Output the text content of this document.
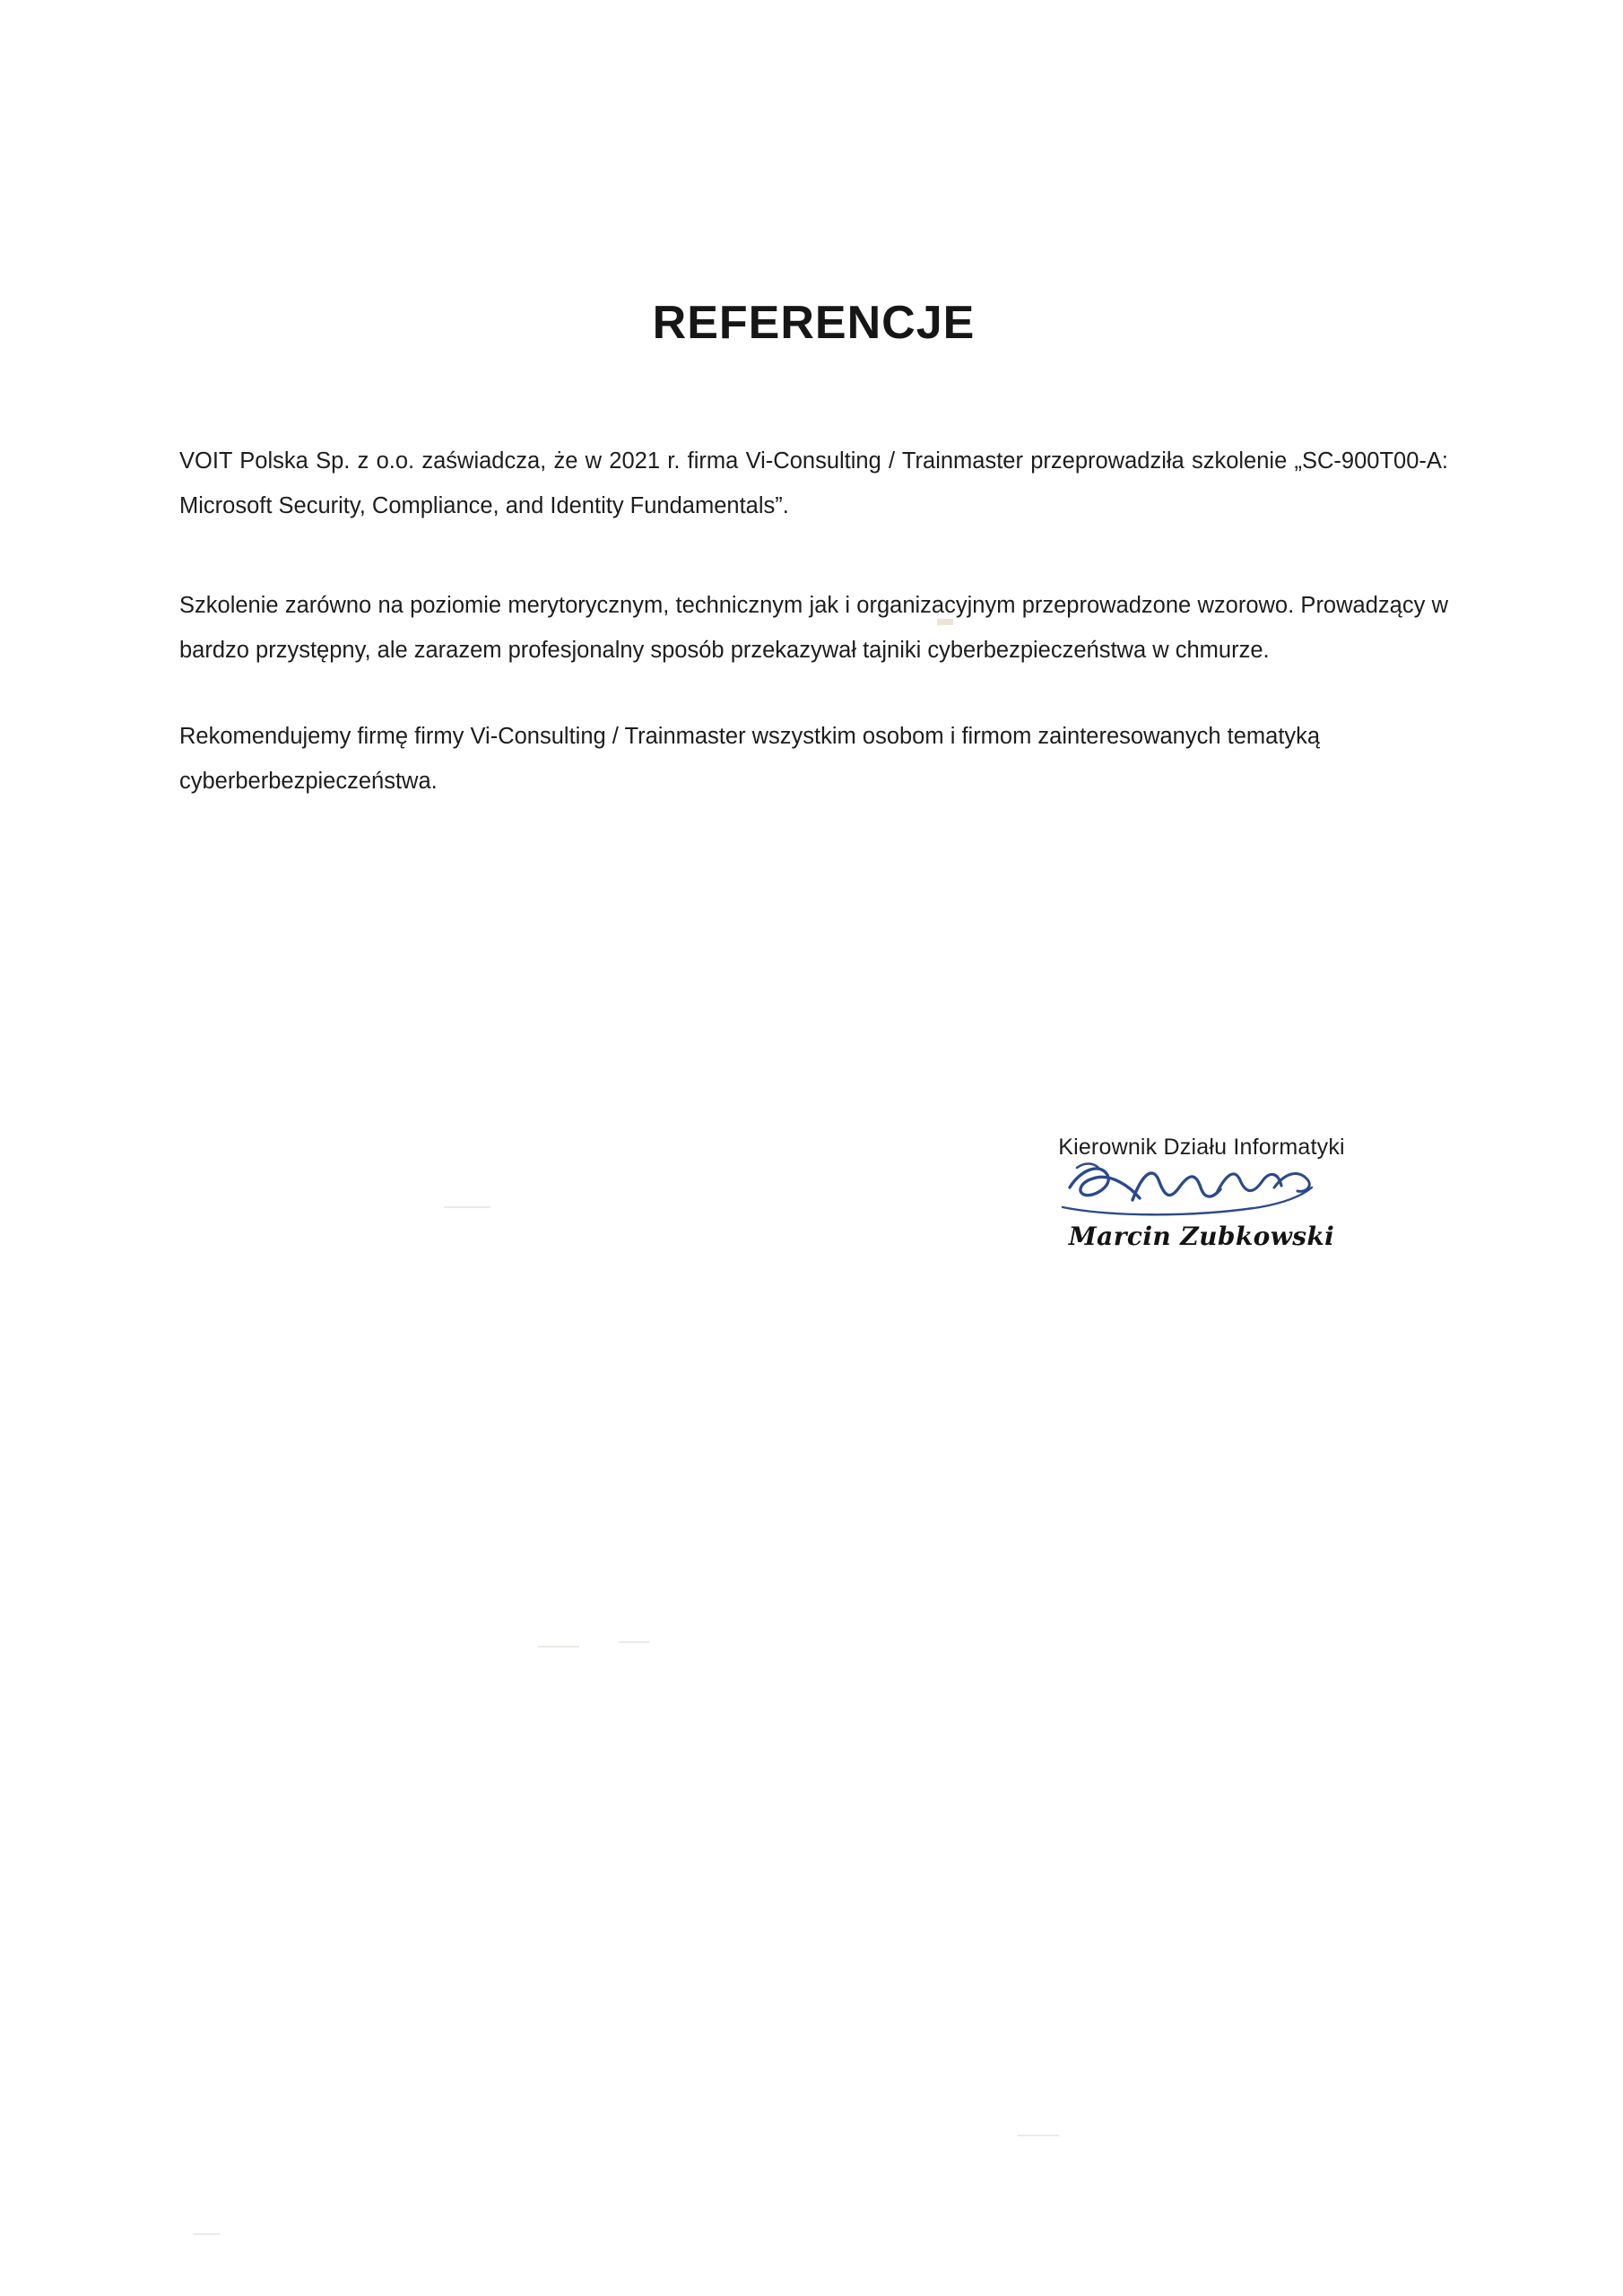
REFERENCJE

VOIT Polska Sp. z o.o. zaświadcza, że w 2021 r. firma Vi-Consulting / Trainmaster przeprowadziła szkolenie „SC-900T00-A: Microsoft Security, Compliance, and Identity Fundamentals”.

Szkolenie zarówno na poziomie merytorycznym, technicznym jak i organizacyjnym przeprowadzone wzorowo. Prowadzący w bardzo przystępny, ale zarazem profesjonalny sposób przekazywał tajniki cyberbezpieczeństwa w chmurze.

Rekomendujemy firmę firmy Vi-Consulting / Trainmaster wszystkim osobom i firmom zainteresowanych tematyką cyberberbezpieczeństwa.

Kierownik Działu Informatyki
Marcin Zubkowski
